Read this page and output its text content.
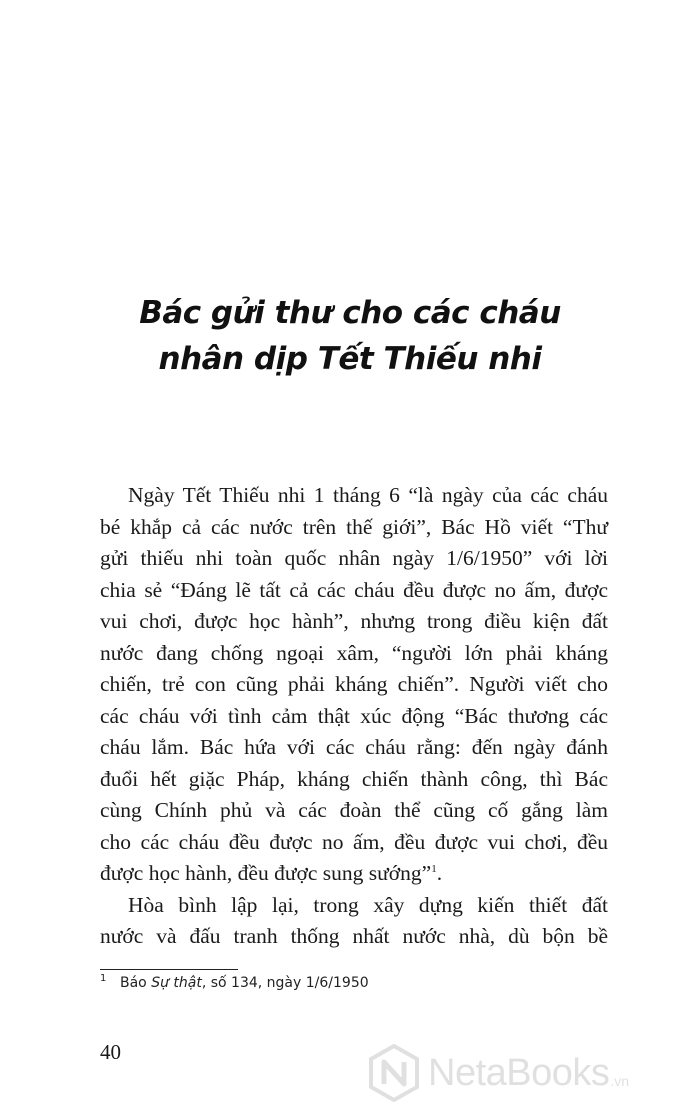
Bác gửi thư cho các cháu
nhân dịp Tết Thiếu nhi
Ngày Tết Thiếu nhi 1 tháng 6 “là ngày của các cháu
bé khắp cả các nước trên thế giới”, Bác Hồ viết “Thư
gửi thiếu nhi toàn quốc nhân ngày 1/6/1950” với lời
chia sẻ “Đáng lẽ tất cả các cháu đều được no ấm, được
vui chơi, được học hành”, nhưng trong điều kiện đất
nước đang chống ngoại xâm, “người lớn phải kháng
chiến, trẻ con cũng phải kháng chiến”. Người viết cho
các cháu với tình cảm thật xúc động “Bác thương các
cháu lắm. Bác hứa với các cháu rằng: đến ngày đánh
đuổi hết giặc Pháp, kháng chiến thành công, thì Bác
cùng Chính phủ và các đoàn thể cũng cố gắng làm
cho các cháu đều được no ấm, đều được vui chơi, đều
được học hành, đều được sung sướng”$^1$.
Hòa bình lập lại, trong xây dựng kiến thiết đất
nước và đấu tranh thống nhất nước nhà, dù bộn bề
1 Báo Sự thật, số 134, ngày 1/6/1950
40	NetaBooks .vn
